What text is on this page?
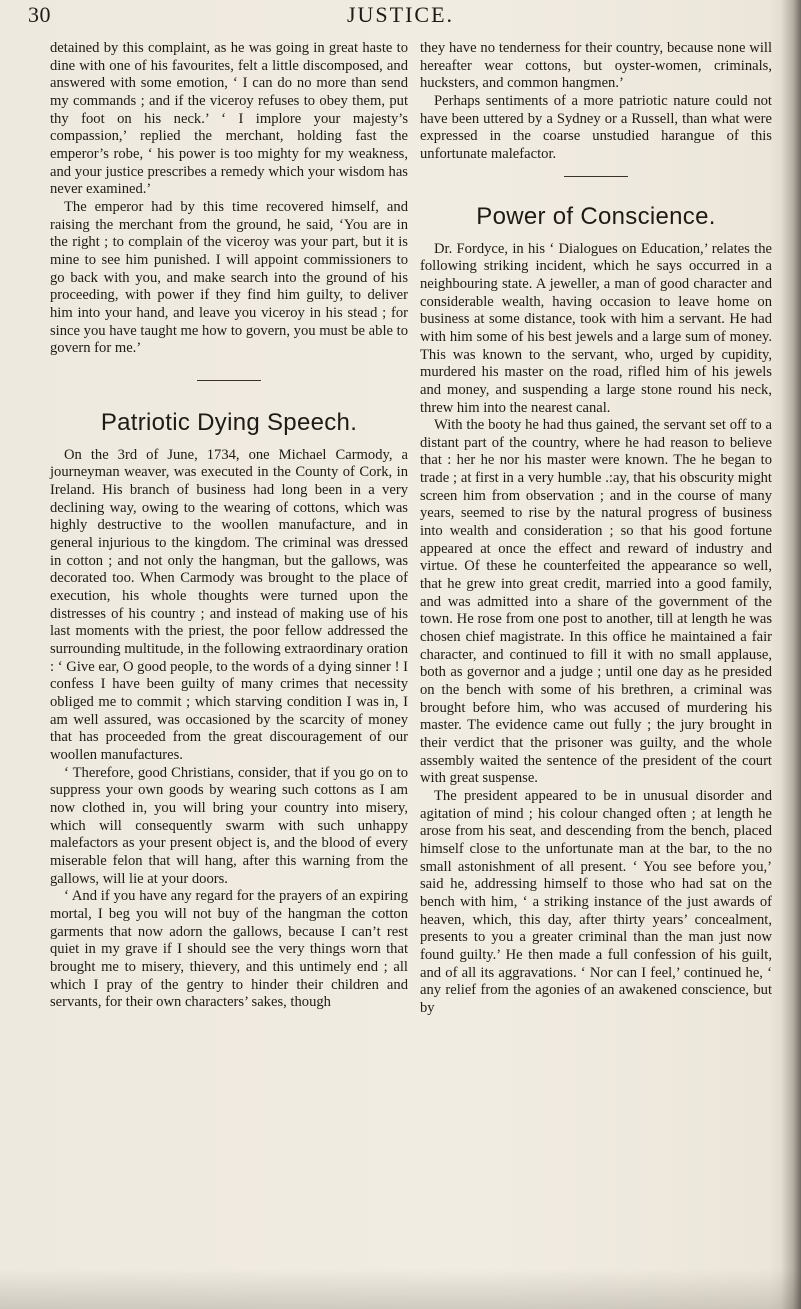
30	JUSTICE.

detained by this complaint, as he was going in great haste to dine with one of his favourites, felt a little discomposed, and answered with some emotion, ‘ I can do no more than send my commands ; and if the viceroy refuses to obey them, put thy foot on his neck.’ ‘ I implore your majesty’s compassion,’ replied the merchant, holding fast the emperor’s robe, ‘ his power is too mighty for my weakness, and your justice prescribes a remedy which your wisdom has never examined.’

The emperor had by this time recovered himself, and raising the merchant from the ground, he said, ‘You are in the right ; to complain of the viceroy was your part, but it is mine to see him punished. I will appoint commissioners to go back with you, and make search into the ground of his proceeding, with power if they find him guilty, to deliver him into your hand, and leave you viceroy in his stead ; for since you have taught me how to govern, you must be able to govern for me.’

Patriotic Dying Speech.

On the 3rd of June, 1734, one Michael Carmody, a journeyman weaver, was executed in the County of Cork, in Ireland. His branch of business had long been in a very declining way, owing to the wearing of cottons, which was highly destructive to the woollen manufacture, and in general injurious to the kingdom. The criminal was dressed in cotton ; and not only the hangman, but the gallows, was decorated too. When Carmody was brought to the place of execution, his whole thoughts were turned upon the distresses of his country ; and instead of making use of his last moments with the priest, the poor fellow addressed the surrounding multitude, in the following extraordinary oration : ‘ Give ear, O good people, to the words of a dying sinner ! I confess I have been guilty of many crimes that necessity obliged me to commit ; which starving condition I was in, I am well assured, was occasioned by the scarcity of money that has proceeded from the great discouragement of our woollen manufactures.

‘ Therefore, good Christians, consider, that if you go on to suppress your own goods by wearing such cottons as I am now clothed in, you will bring your country into misery, which will consequently swarm with such unhappy malefactors as your present object is, and the blood of every miserable felon that will hang, after this warning from the gallows, will lie at your doors.

‘ And if you have any regard for the prayers of an expiring mortal, I beg you will not buy of the hangman the cotton garments that now adorn the gallows, because I can’t rest quiet in my grave if I should see the very things worn that brought me to misery, thievery, and this untimely end ; all which I pray of the gentry to hinder their children and servants, for their own characters’ sakes, though

they have no tenderness for their country, because none will hereafter wear cottons, but oyster-women, criminals, hucksters, and common hangmen.’

Perhaps sentiments of a more patriotic nature could not have been uttered by a Sydney or a Russell, than what were expressed in the coarse unstudied harangue of this unfortunate malefactor.

Power of Conscience.

Dr. Fordyce, in his ‘ Dialogues on Education,’ relates the following striking incident, which he says occurred in a neighbouring state. A jeweller, a man of good character and considerable wealth, having occasion to leave home on business at some distance, took with him a servant. He had with him some of his best jewels and a large sum of money. This was known to the servant, who, urged by cupidity, murdered his master on the road, rifled him of his jewels and money, and suspending a large stone round his neck, threw him into the nearest canal.

With the booty he had thus gained, the servant set off to a distant part of the country, where he had reason to believe that : her he nor his master were known. The he began to trade ; at first in a very humble .:ay, that his obscurity might screen him from observation ; and in the course of many years, seemed to rise by the natural progress of business into wealth and consideration ; so that his good fortune appeared at once the effect and reward of industry and virtue. Of these he counterfeited the appearance so well, that he grew into great credit, married into a good family, and was admitted into a share of the government of the town. He rose from one post to another, till at length he was chosen chief magistrate. In this office he maintained a fair character, and continued to fill it with no small applause, both as governor and a judge ; until one day as he presided on the bench with some of his brethren, a criminal was brought before him, who was accused of murdering his master. The evidence came out fully ; the jury brought in their verdict that the prisoner was guilty, and the whole assembly waited the sentence of the president of the court with great suspense.

The president appeared to be in unusual disorder and agitation of mind ; his colour changed often ; at length he arose from his seat, and descending from the bench, placed himself close to the unfortunate man at the bar, to the no small astonishment of all present. ‘ You see before you,’ said he, addressing himself to those who had sat on the bench with him, ‘ a striking instance of the just awards of heaven, which, this day, after thirty years’ concealment, presents to you a greater criminal than the man just now found guilty.’ He then made a full confession of his guilt, and of all its aggravations. ‘ Nor can I feel,’ continued he, ‘ any relief from the agonies of an awakened conscience, but by
